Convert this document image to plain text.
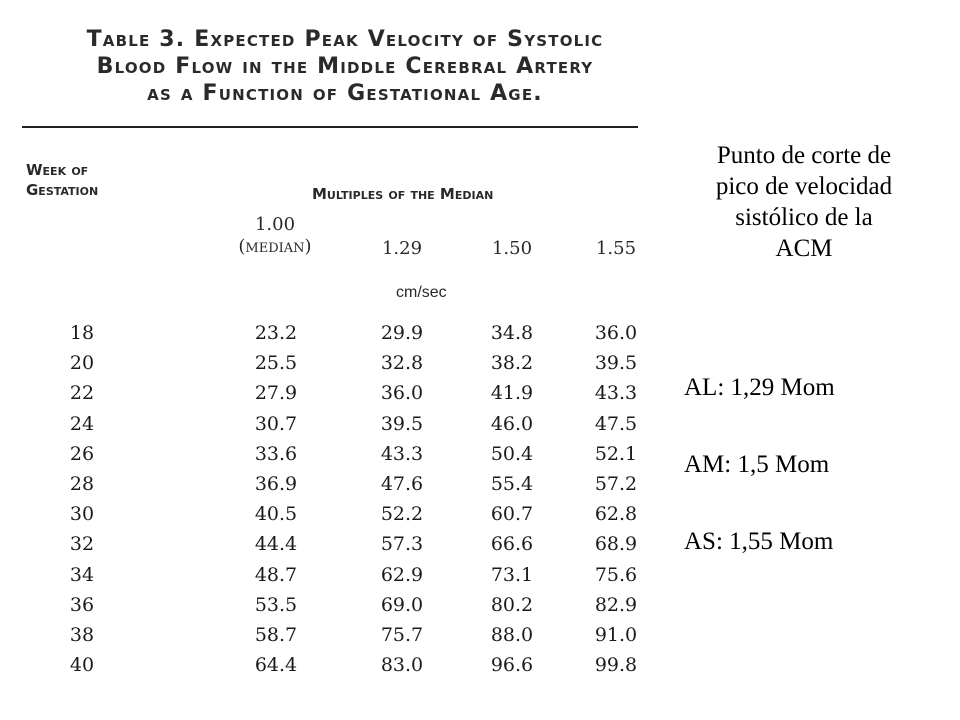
Table 3. Expected Peak Velocity of Systolic
Blood Flow in the Middle Cerebral Artery
as a Function of Gestational Age.
Week of
Gestation	Multiples of the Median
1.00
(median)	1.29	1.50	1.55
cm/sec
18	23.2	29.9	34.8	36.0
20	25.5	32.8	38.2	39.5
22	27.9	36.0	41.9	43.3
24	30.7	39.5	46.0	47.5
26	33.6	43.3	50.4	52.1
28	36.9	47.6	55.4	57.2
30	40.5	52.2	60.7	62.8
32	44.4	57.3	66.6	68.9
34	48.7	62.9	73.1	75.6
36	53.5	69.0	80.2	82.9
38	58.7	75.7	88.0	91.0
40	64.4	83.0	96.6	99.8
Punto de corte de
pico de velocidad
sistólico de la
ACM
AL: 1,29 Mom
AM: 1,5 Mom
AS: 1,55 Mom
